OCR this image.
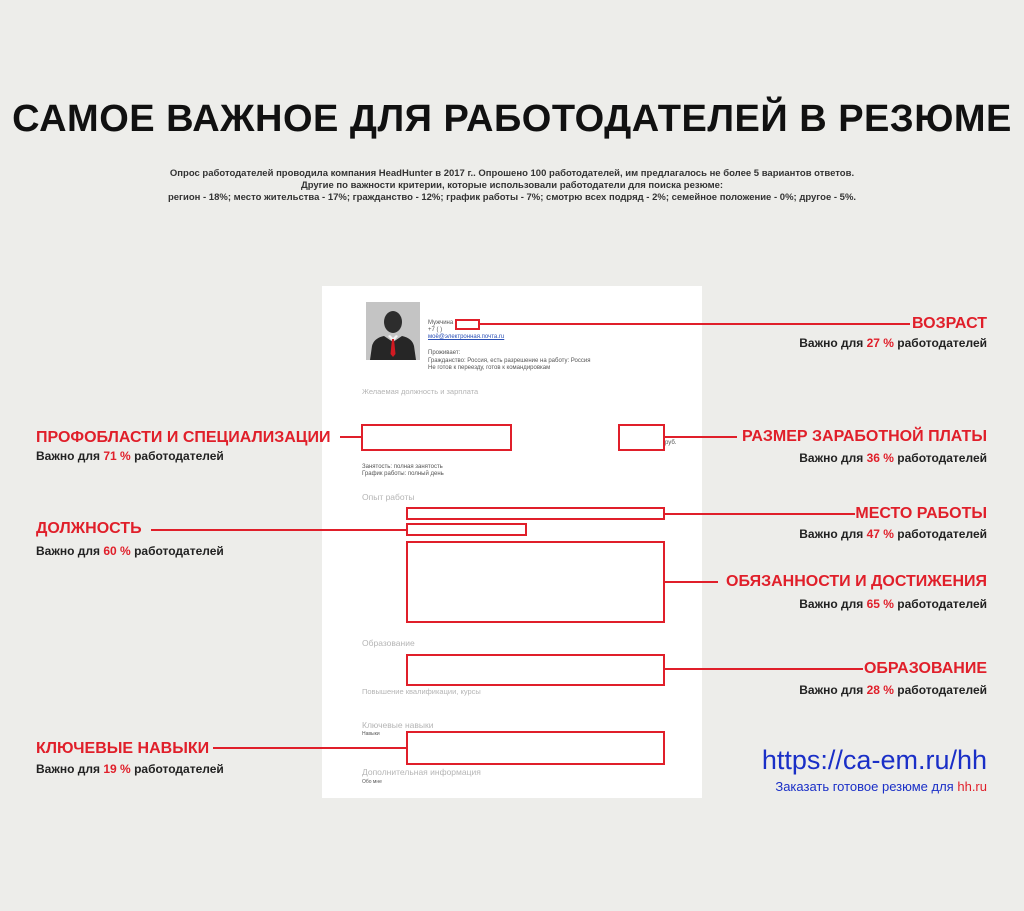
САМОЕ ВАЖНОЕ ДЛЯ РАБОТОДАТЕЛЕЙ В РЕЗЮМЕ
Опрос работодателей проводила компания HeadHunter в 2017 г.. Опрошено 100 работодателей, им предлагалось не более 5 вариантов ответов.
Другие по важности критерии, которые использовали работодатели для поиска резюме:
регион - 18%; место жительства - 17%; гражданство - 12%; график работы - 7%; смотрю всех подряд - 2%; семейное положение - 0%; другое - 5%.
Мужчина
+7 ( )
моё@электронная.почта.ru
Проживает:
Гражданство: Россия, есть разрешение на работу: Россия
Не готов к переезду, готов к командировкам
Желаемая должность и зарплата
руб.
Занятость: полная занятость
График работы: полный день
Опыт работы
Образование
Повышение квалификации, курсы
Ключевые навыки
Навыки
Дополнительная информация
Обо мне
ВОЗРАСТ
Важно для 27 % работодателей
РАЗМЕР ЗАРАБОТНОЙ ПЛАТЫ
Важно для 36 % работодателей
МЕСТО РАБОТЫ
Важно для 47 % работодателей
ОБЯЗАННОСТИ И ДОСТИЖЕНИЯ
Важно для 65 % работодателей
ОБРАЗОВАНИЕ
Важно для 28 % работодателей
ПРОФОБЛАСТИ И СПЕЦИАЛИЗАЦИИ
Важно для 71 % работодателей
ДОЛЖНОСТЬ
Важно для 60 % работодателей
КЛЮЧЕВЫЕ НАВЫКИ
Важно для 19 % работодателей	https://ca-em.ru/hh
Заказать готовое резюме для hh.ru
